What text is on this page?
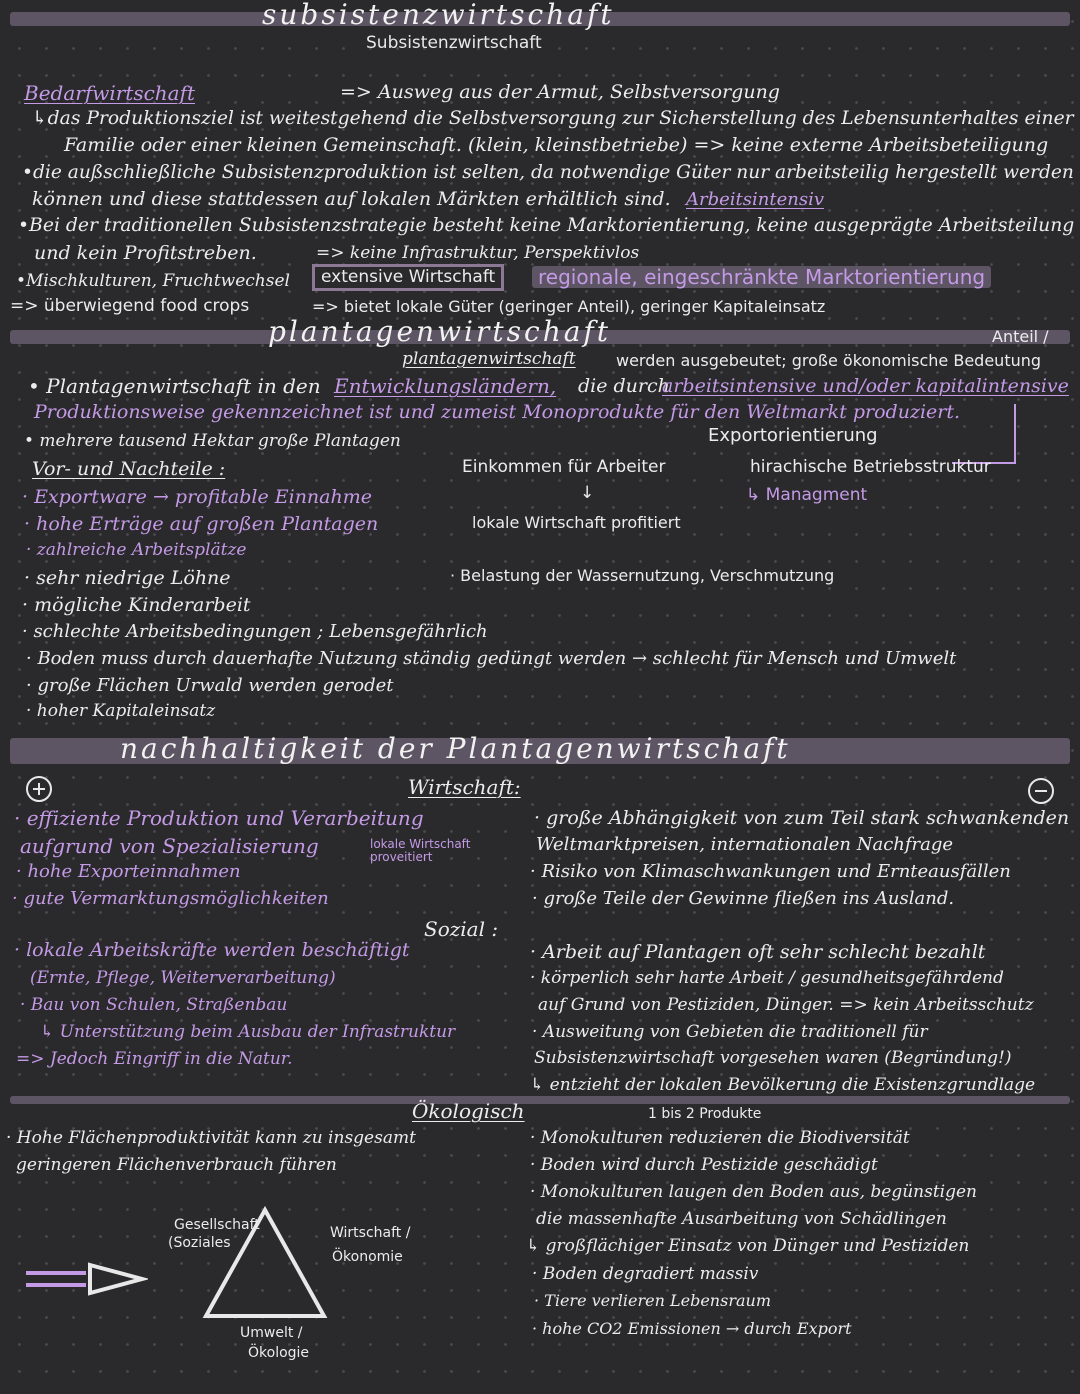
subsistenzwirtschaft
Subsistenzwirtschaft
Bedarfwirtschaft	=> Ausweg aus der Armut, Selbstversorgung
↳das Produktionsziel ist weitestgehend die Selbstversorgung zur Sicherstellung des Lebensunterhaltes einer
Familie oder einer kleinen Gemeinschaft. (klein, kleinstbetriebe) => keine externe Arbeitsbeteiligung
•die außschließliche Subsistenzproduktion ist selten, da notwendige Güter nur arbeitsteilig hergestellt werden
können und diese stattdessen auf lokalen Märkten erhältlich sind. Arbeitsintensiv
•Bei der traditionellen Subsistenzstrategie besteht keine Marktorientierung, keine ausgeprägte Arbeitsteilung
und kein Profitstreben.	=> keine Infrastruktur, Perspektivlos
•Mischkulturen, Fruchtwechsel	extensive Wirtschaft	regionale, eingeschränkte Marktorientierung
=> überwiegend food crops	=> bietet lokale Güter (geringer Anteil), geringer Kapitaleinsatz
plantagenwirtschaft	Anteil /
plantagenwirtschaft	werden ausgebeutet; große ökonomische Bedeutung
• Plantagenwirtschaft in den Entwicklungsländern, die durch
arbeitsintensive und/oder kapitalintensive
Produktionsweise gekennzeichnet ist und zumeist Monoprodukte für den Weltmarkt produziert.
Exportorientierung
• mehrere tausend Hektar große Plantagen
Vor- und Nachteile :	Einkommen für Arbeiter	hirachische Betriebsstruktur
↓	↳ Managment
· Exportware → profitable Einnahme
· hohe Erträge auf großen Plantagen	lokale Wirtschaft profitiert
· zahlreiche Arbeitsplätze
· sehr niedrige Löhne	· Belastung der Wassernutzung, Verschmutzung
· mögliche Kinderarbeit
· schlechte Arbeitsbedingungen ; Lebensgefährlich
· Boden muss durch dauerhafte Nutzung ständig gedüngt werden → schlecht für Mensch und Umwelt
· große Flächen Urwald werden gerodet
· hoher Kapitaleinsatz
nachhaltigkeit der Plantagenwirtschaft
Wirtschaft:
· effiziente Produktion und Verarbeitung
aufgrund von Spezialisierung	lokale Wirtschaft
proveitiert
· hohe Exporteinnahmen
· gute Vermarktungsmöglichkeiten
· große Abhängigkeit von zum Teil stark schwankenden
Weltmarktpreisen, internationalen Nachfrage
· Risiko von Klimaschwankungen und Ernteausfällen
· große Teile der Gewinne fließen ins Ausland.
Sozial :
· lokale Arbeitskräfte werden beschäftigt
(Ernte, Pflege, Weiterverarbeitung)
· Bau von Schulen, Straßenbau
↳ Unterstützung beim Ausbau der Infrastruktur
=> Jedoch Eingriff in die Natur.
· Arbeit auf Plantagen oft sehr schlecht bezahlt
· körperlich sehr harte Arbeit / gesundheitsgefährdend
auf Grund von Pestiziden, Dünger. => kein Arbeitsschutz
· Ausweitung von Gebieten die traditionell für
Subsistenzwirtschaft vorgesehen waren (Begründung!)
↳ entzieht der lokalen Bevölkerung die Existenzgrundlage
Ökologisch	1 bis 2 Produkte
· Hohe Flächenproduktivität kann zu insgesamt
geringeren Flächenverbrauch führen
· Monokulturen reduzieren die Biodiversität
· Boden wird durch Pestizide geschädigt
· Monokulturen laugen den Boden aus, begünstigen
die massenhafte Ausarbeitung von Schädlingen
↳ großflächiger Einsatz von Dünger und Pestiziden
· Boden degradiert massiv
· Tiere verlieren Lebensraum
· hohe CO2 Emissionen → durch Export
Gesellschaft
(Soziales
Wirtschaft /
Ökonomie
Umwelt /
Ökologie
